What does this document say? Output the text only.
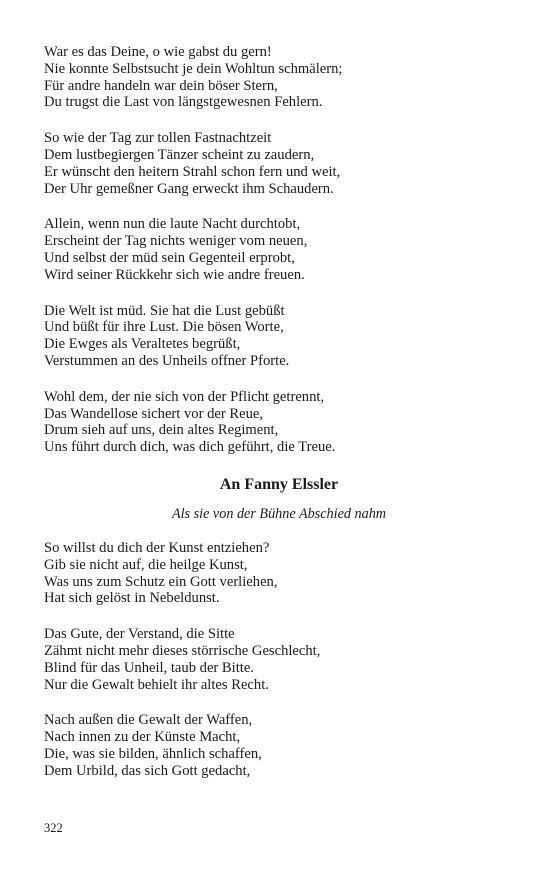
War es das Deine, o wie gabst du gern!
Nie konnte Selbstsucht je dein Wohltun schmälern;
Für andre handeln war dein böser Stern,
Du trugst die Last von längstgewesnen Fehlern.
So wie der Tag zur tollen Fastnachtzeit
Dem lustbegiergen Tänzer scheint zu zaudern,
Er wünscht den heitern Strahl schon fern und weit,
Der Uhr gemeßner Gang erweckt ihm Schaudern.
Allein, wenn nun die laute Nacht durchtobt,
Erscheint der Tag nichts weniger vom neuen,
Und selbst der müd sein Gegenteil erprobt,
Wird seiner Rückkehr sich wie andre freuen.
Die Welt ist müd. Sie hat die Lust gebüßt
Und büßt für ihre Lust. Die bösen Worte,
Die Ewges als Veraltetes begrüßt,
Verstummen an des Unheils offner Pforte.
Wohl dem, der nie sich von der Pflicht getrennt,
Das Wandellose sichert vor der Reue,
Drum sieh auf uns, dein altes Regiment,
Uns führt durch dich, was dich geführt, die Treue.
An Fanny Elssler
Als sie von der Bühne Abschied nahm
So willst du dich der Kunst entziehen?
Gib sie nicht auf, die heilge Kunst,
Was uns zum Schutz ein Gott verliehen,
Hat sich gelöst in Nebeldunst.
Das Gute, der Verstand, die Sitte
Zähmt nicht mehr dieses störrische Geschlecht,
Blind für das Unheil, taub der Bitte.
Nur die Gewalt behielt ihr altes Recht.
Nach außen die Gewalt der Waffen,
Nach innen zu der Künste Macht,
Die, was sie bilden, ähnlich schaffen,
Dem Urbild, das sich Gott gedacht,
322
